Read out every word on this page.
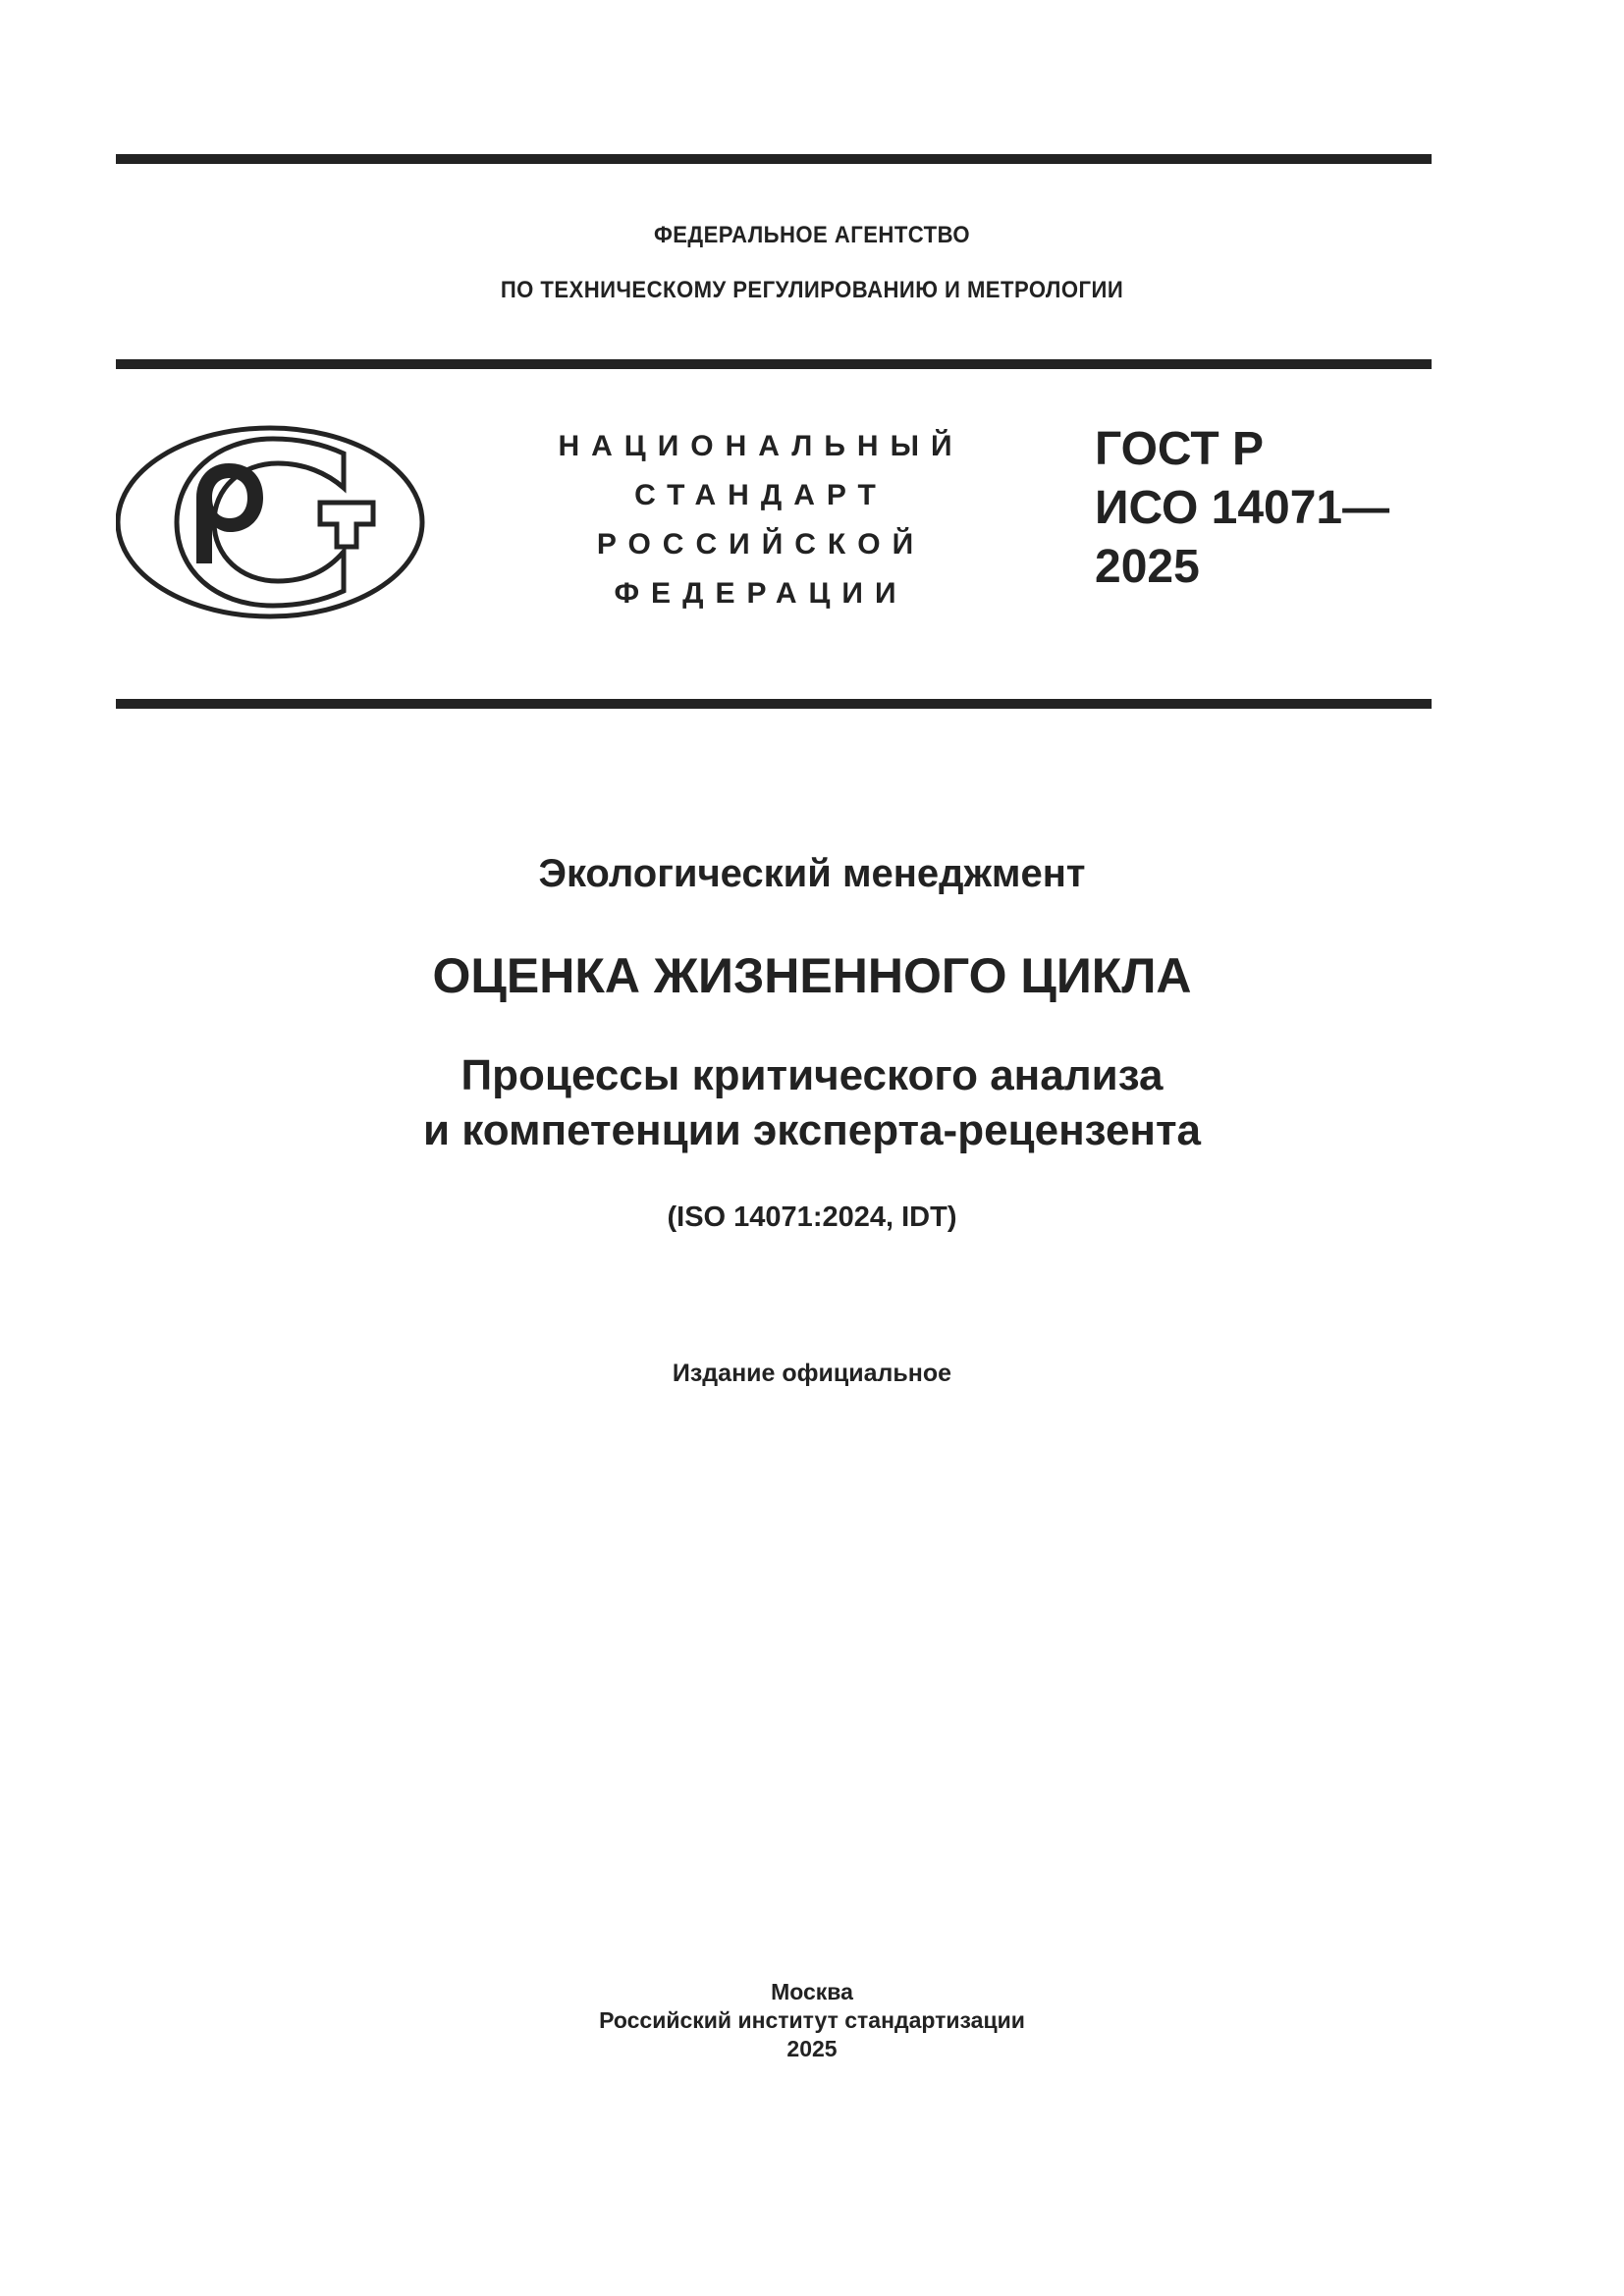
ФЕДЕРАЛЬНОЕ АГЕНТСТВО
ПО ТЕХНИЧЕСКОМУ РЕГУЛИРОВАНИЮ И МЕТРОЛОГИИ
НАЦИОНАЛЬНЫЙ
СТАНДАРТ
РОССИЙСКОЙ
ФЕДЕРАЦИИ
ГОСТ Р
ИСО 14071—
2025
Экологический менеджмент
ОЦЕНКА ЖИЗНЕННОГО ЦИКЛА
Процессы критического анализа
и компетенции эксперта-рецензента
(ISO 14071:2024, IDT)
Издание официальное
Москва
Российский институт стандартизации
2025
